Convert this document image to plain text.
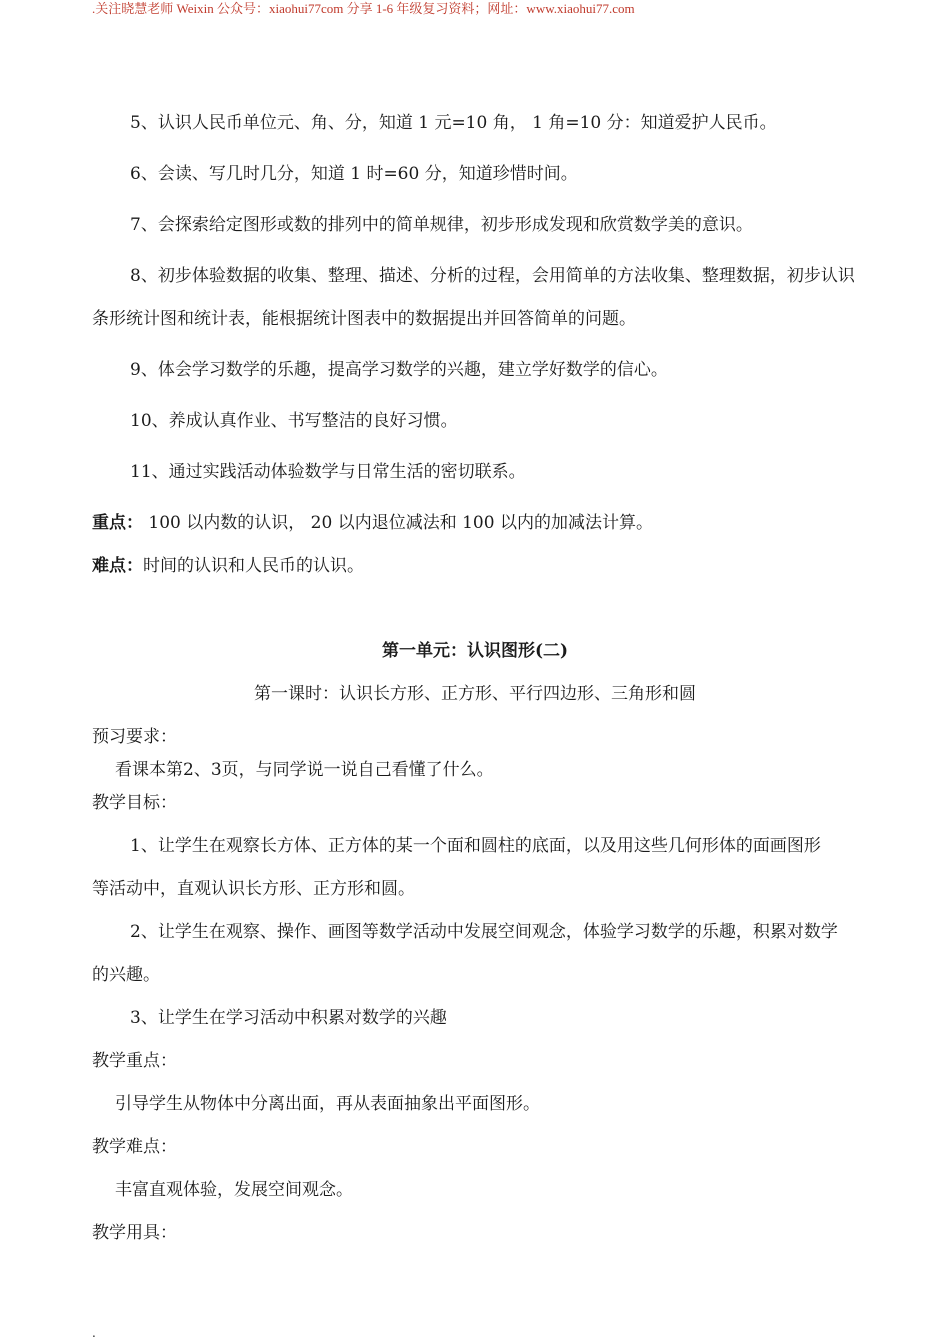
.关注晓慧老师 Weixin 公众号：xiaohui77com 分享 1-6 年级复习资料；网址：www.xiaohui77.com
5、认识人民币单位元、角、分，知道 1 元=10 角， 1 角=10 分：知道爱护人民币。
6、会读、写几时几分，知道 1 时=60 分，知道珍惜时间。
7、会探索给定图形或数的排列中的简单规律，初步形成发现和欣赏数学美的意识。
8、初步体验数据的收集、整理、描述、分析的过程，会用简单的方法收集、整理数据，初步认识
条形统计图和统计表，能根据统计图表中的数据提出并回答简单的问题。
9、体会学习数学的乐趣，提高学习数学的兴趣，建立学好数学的信心。
10、养成认真作业、书写整洁的良好习惯。
11、通过实践活动体验数学与日常生活的密切联系。
重点： 100 以内数的认识， 20 以内退位减法和 100 以内的加减法计算。
难点：时间的认识和人民币的认识。
第一单元：认识图形(二)
第一课时：认识长方形、正方形、平行四边形、三角形和圆
预习要求：
看课本第2、3页，与同学说一说自己看懂了什么。
教学目标：
1、让学生在观察长方体、正方体的某一个面和圆柱的底面，以及用这些几何形体的面画图形
等活动中，直观认识长方形、正方形和圆。
2、让学生在观察、操作、画图等数学活动中发展空间观念，体验学习数学的乐趣，积累对数学
的兴趣。
3、让学生在学习活动中积累对数学的兴趣
教学重点：
引导学生从物体中分离出面，再从表面抽象出平面图形。
教学难点：
丰富直观体验，发展空间观念。
教学用具：
.
